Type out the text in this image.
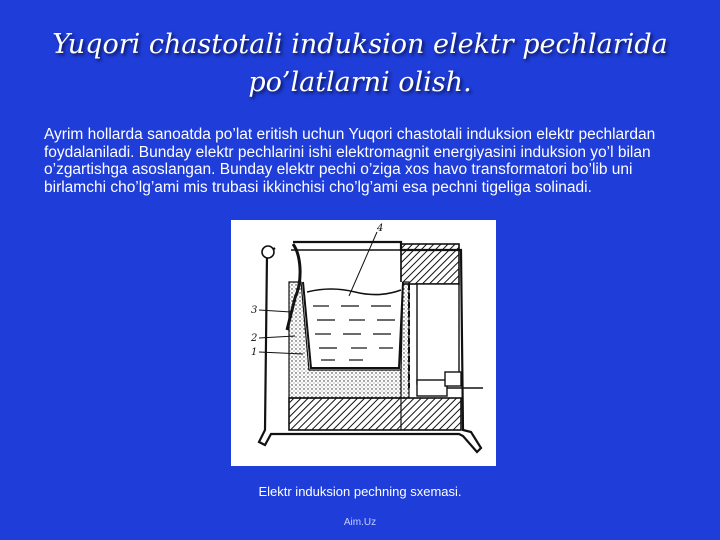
Yuqori chastotali induksion elektr pechlarida
po’latlarni olish.
Ayrim hollarda sanoatda po’lat eritish uchun Yuqori chastotali induksion elektr pechlardan foydalaniladi. Bunday elektr pechlarini ishi elektromagnit energiyasini induksion yo’l bilan o’zgartishga asoslangan. Bunday elektr pechi o’ziga xos havo transformatori bo’lib uni birlamchi cho’lg’ami mis trubasi ikkinchisi cho’lg’ami esa pechni tigeliga solinadi.
4
3
2
1
Elektr induksion pechning sxemasi.
Aim.Uz
